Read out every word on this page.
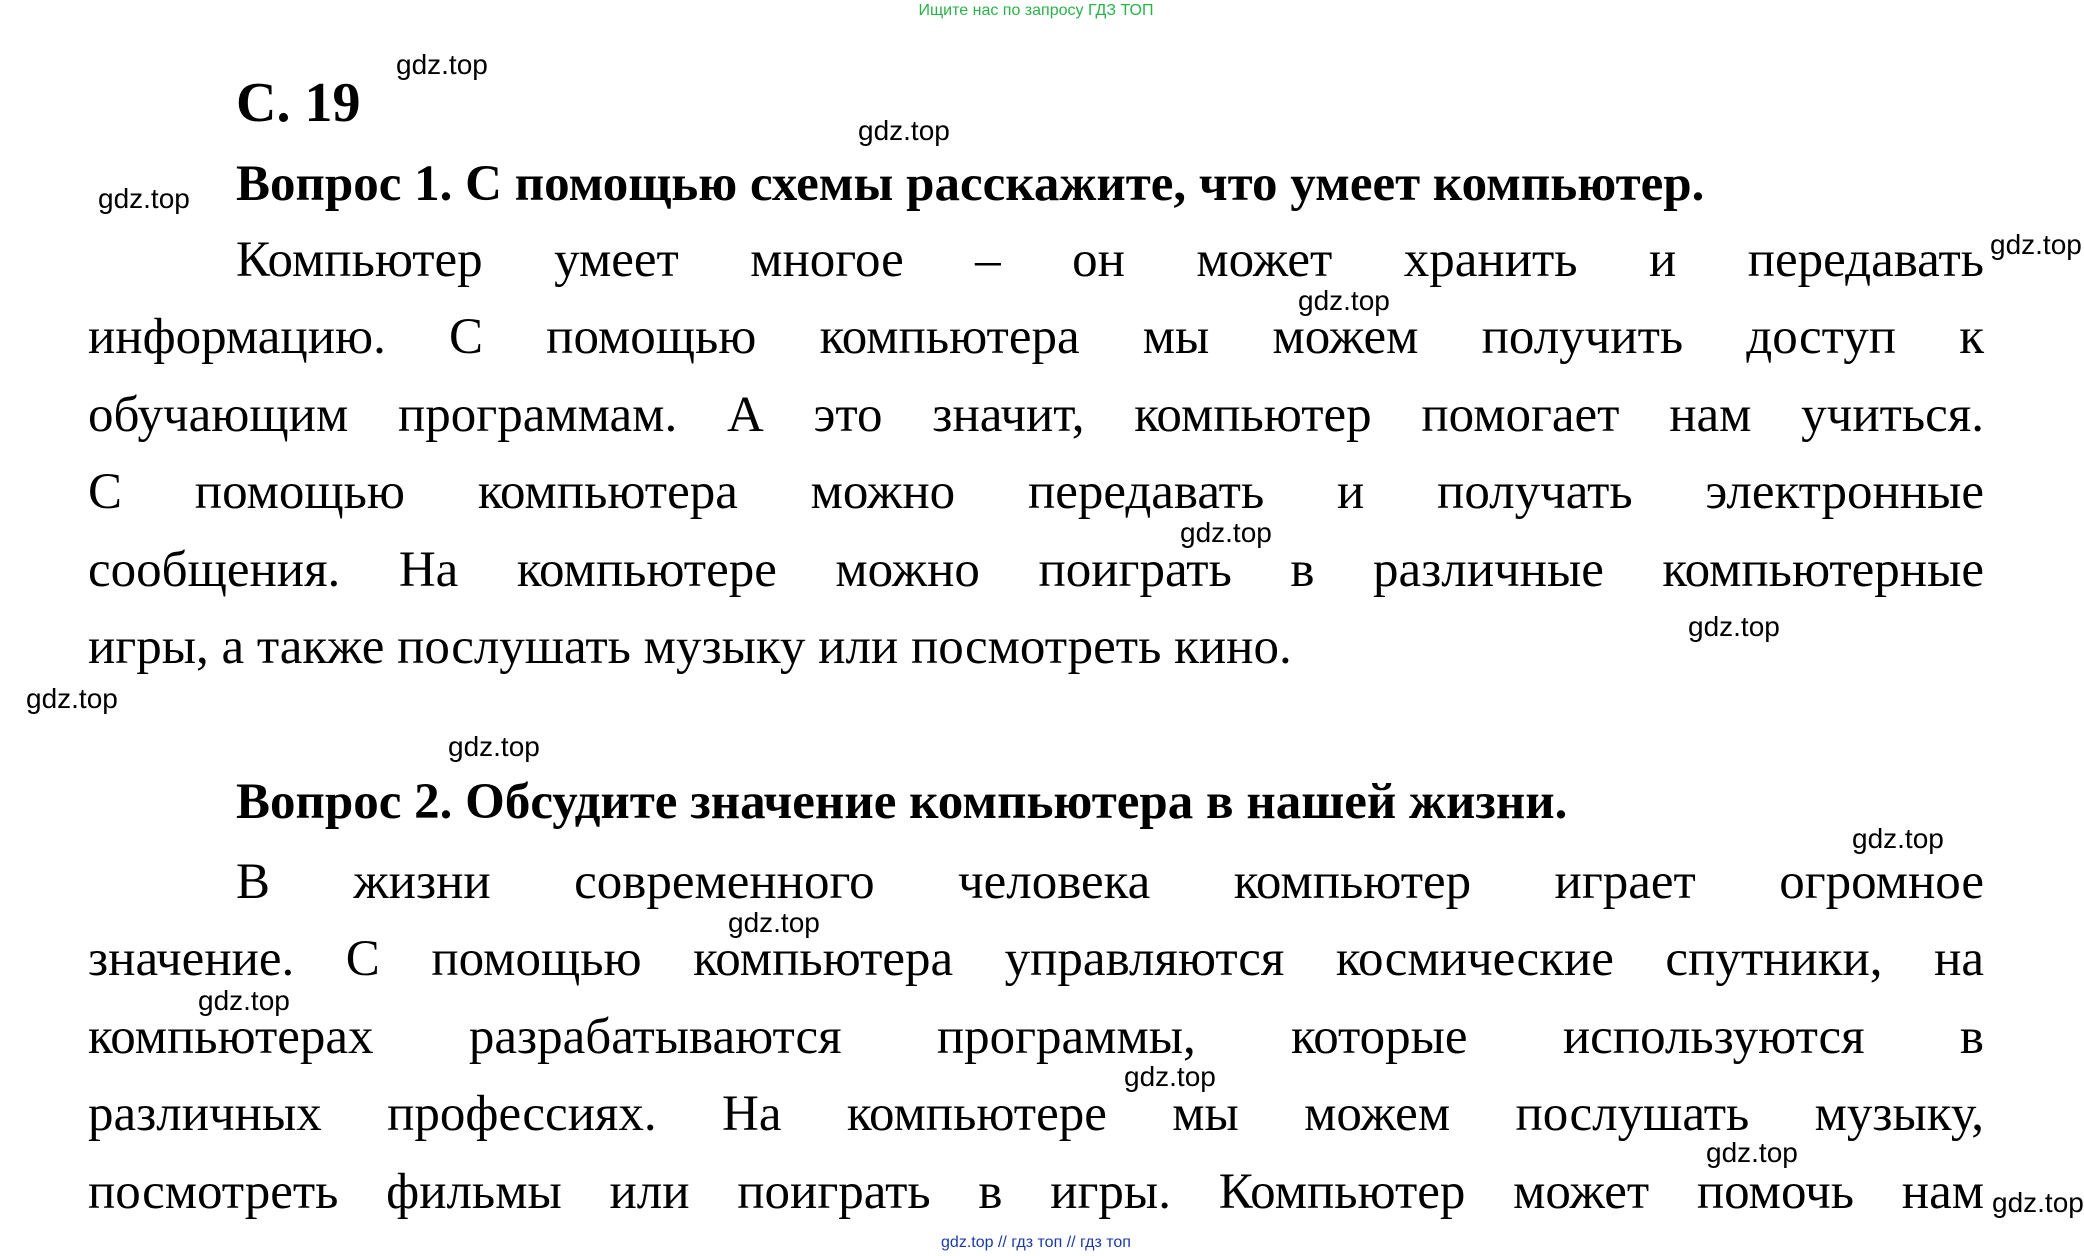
Ищите нас по запросу ГДЗ ТОП
С. 19
Вопрос 1. С помощью схемы расскажите, что умеет компьютер.
Компьютер умеет многое – он может хранить и передавать
информацию. С помощью компьютера мы можем получить доступ к
обучающим программам. А это значит, компьютер помогает нам учиться.
С помощью компьютера можно передавать и получать электронные
сообщения. На компьютере можно поиграть в различные компьютерные
игры, а также послушать музыку или посмотреть кино.
Вопрос 2. Обсудите значение компьютера в нашей жизни.
В жизни современного человека компьютер играет огромное
значение. С помощью компьютера управляются космические спутники, на
компьютерах разрабатываются программы, которые используются в
различных профессиях. На компьютере мы можем послушать музыку,
посмотреть фильмы или поиграть в игры. Компьютер может помочь нам
gdz.top
gdz.top
gdz.top
gdz.top
gdz.top
gdz.top
gdz.top
gdz.top
gdz.top
gdz.top
gdz.top
gdz.top
gdz.top
gdz.top
gdz.top
gdz.top // гдз топ // гдз топ
